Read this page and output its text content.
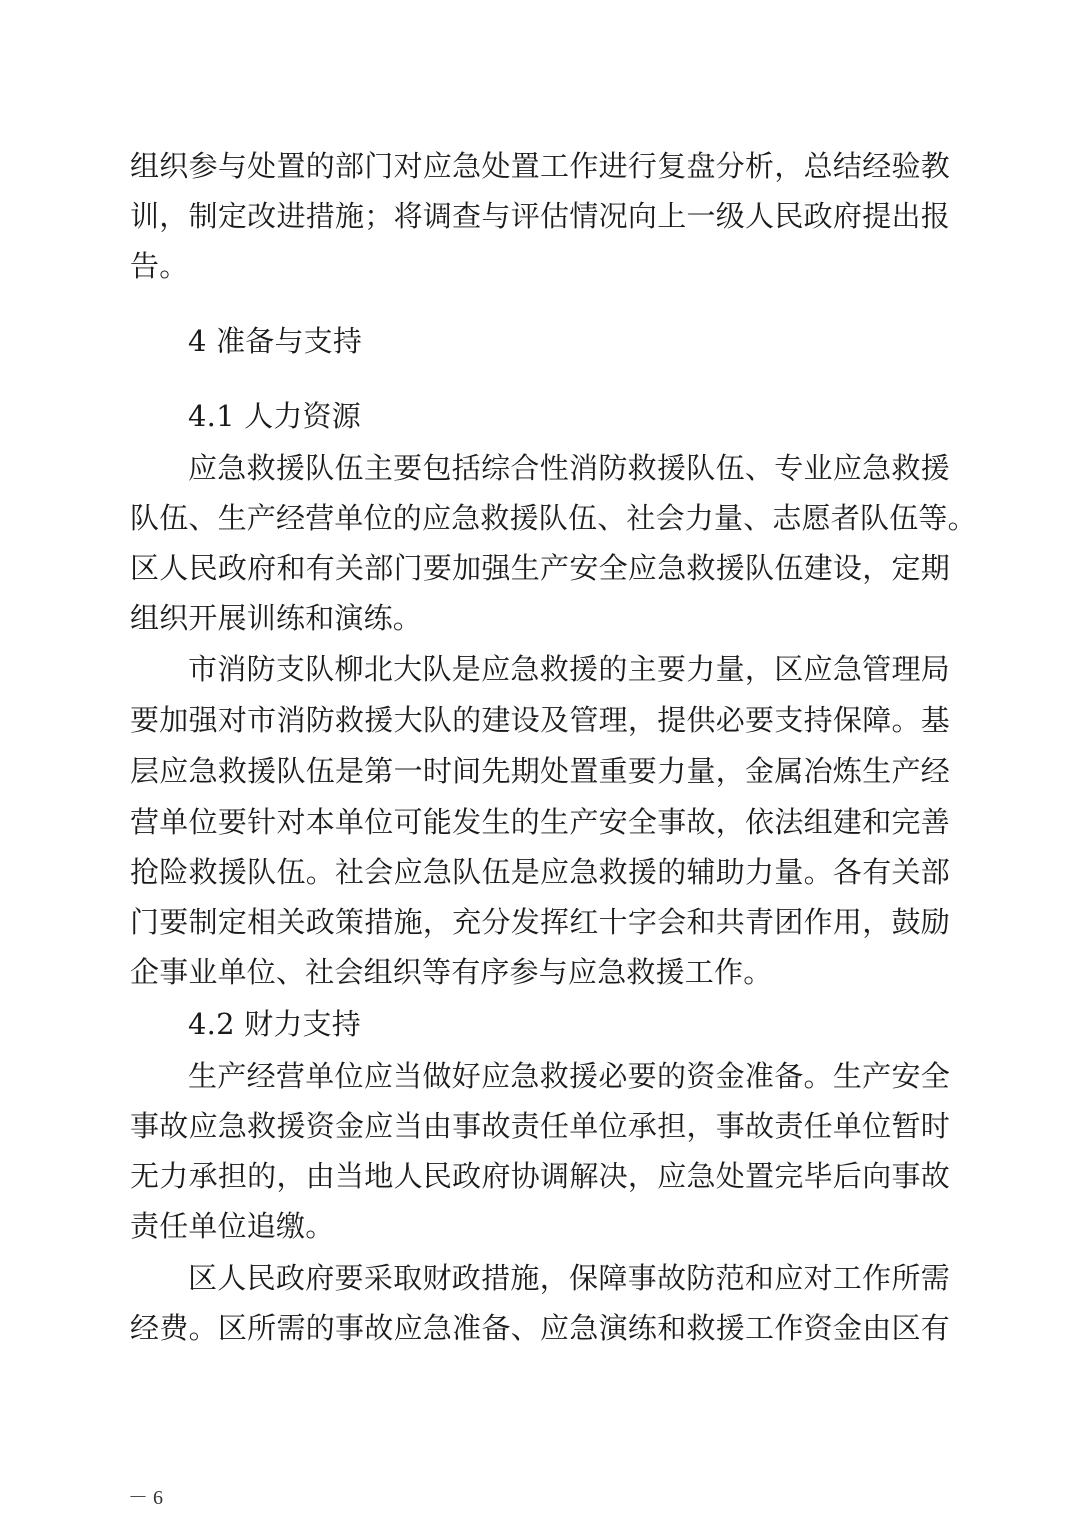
组织参与处置的部门对应急处置工作进行复盘分析，总结经验教
训，制定改进措施；将调查与评估情况向上一级人民政府提出报
告。
4 准备与支持
4.1 人力资源
应急救援队伍主要包括综合性消防救援队伍、专业应急救援
队伍、生产经营单位的应急救援队伍、社会力量、志愿者队伍等。
区人民政府和有关部门要加强生产安全应急救援队伍建设，定期
组织开展训练和演练。
市消防支队柳北大队是应急救援的主要力量，区应急管理局
要加强对市消防救援大队的建设及管理，提供必要支持保障。基
层应急救援队伍是第一时间先期处置重要力量，金属冶炼生产经
营单位要针对本单位可能发生的生产安全事故，依法组建和完善
抢险救援队伍。社会应急队伍是应急救援的辅助力量。各有关部
门要制定相关政策措施，充分发挥红十字会和共青团作用，鼓励
企事业单位、社会组织等有序参与应急救援工作。
4.2 财力支持
生产经营单位应当做好应急救援必要的资金准备。生产安全
事故应急救援资金应当由事故责任单位承担，事故责任单位暂时
无力承担的，由当地人民政府协调解决，应急处置完毕后向事故
责任单位追缴。
区人民政府要采取财政措施，保障事故防范和应对工作所需
经费。区所需的事故应急准备、应急演练和救援工作资金由区有
－ 6
